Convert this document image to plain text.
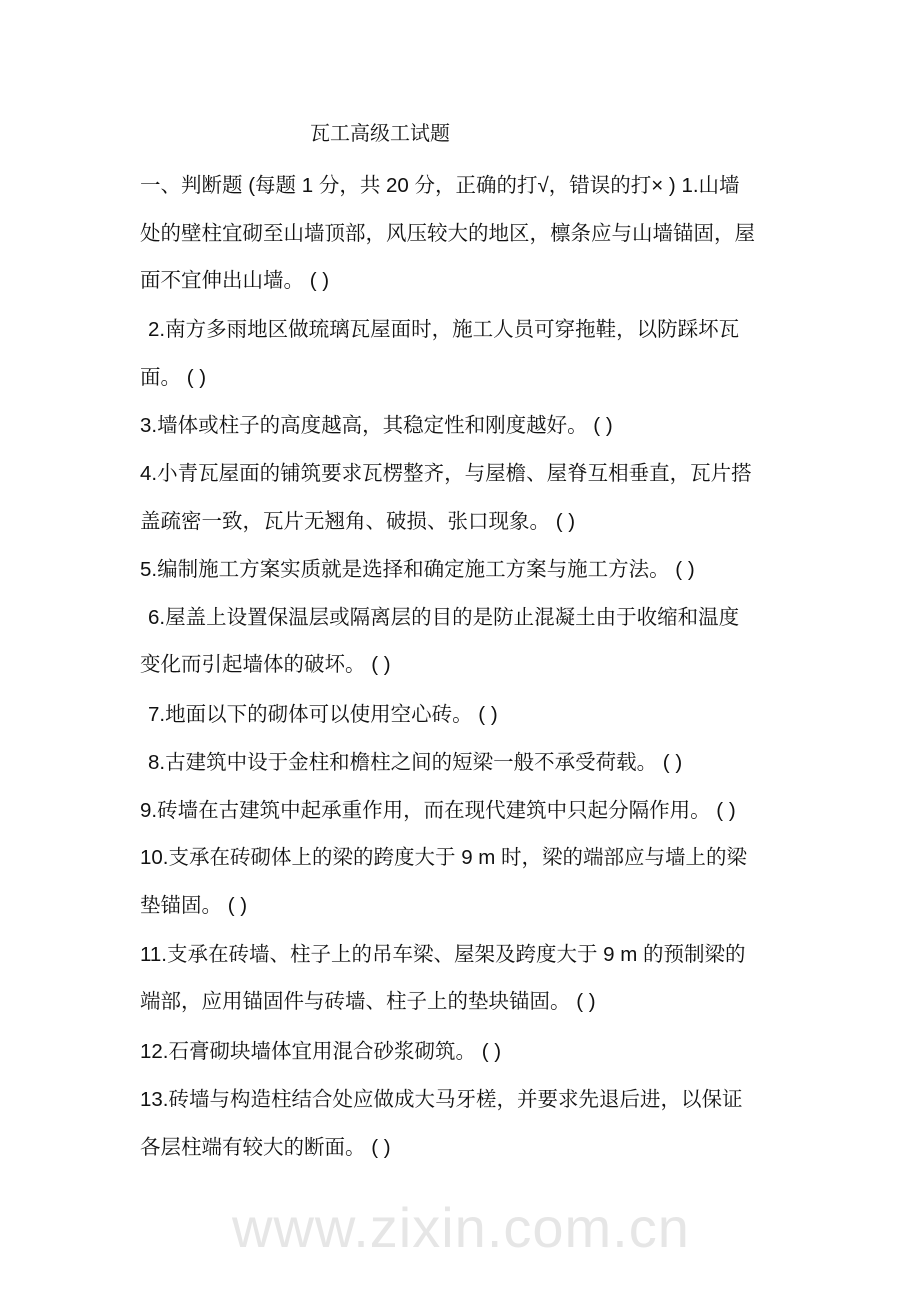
www.zixin.com.cn
瓦工高级工试题
一、判断题 (每题 1 分，共 20 分，正确的打√，错误的打× ) 1.山墙
处的壁柱宜砌至山墙顶部，风压较大的地区，檩条应与山墙锚固，屋
面不宜伸出山墙。 ( )
2.南方多雨地区做琉璃瓦屋面时，施工人员可穿拖鞋，以防踩坏瓦
面。 ( )
3.墙体或柱子的高度越高，其稳定性和刚度越好。 ( )
4.小青瓦屋面的铺筑要求瓦楞整齐，与屋檐、屋脊互相垂直，瓦片搭
盖疏密一致，瓦片无翘角、破损、张口现象。 ( )
5.编制施工方案实质就是选择和确定施工方案与施工方法。 ( )
6.屋盖上设置保温层或隔离层的目的是防止混凝土由于收缩和温度
变化而引起墙体的破坏。 ( )
7.地面以下的砌体可以使用空心砖。 ( )
8.古建筑中设于金柱和檐柱之间的短梁一般不承受荷载。 ( )
9.砖墙在古建筑中起承重作用，而在现代建筑中只起分隔作用。 ( )
10.支承在砖砌体上的梁的跨度大于 9 m 时，梁的端部应与墙上的梁
垫锚固。 ( )
11.支承在砖墙、柱子上的吊车梁、屋架及跨度大于 9 m 的预制梁的
端部，应用锚固件与砖墙、柱子上的垫块锚固。 ( )
12.石膏砌块墙体宜用混合砂浆砌筑。 ( )
13.砖墙与构造柱结合处应做成大马牙槎，并要求先退后进，以保证
各层柱端有较大的断面。 ( )
